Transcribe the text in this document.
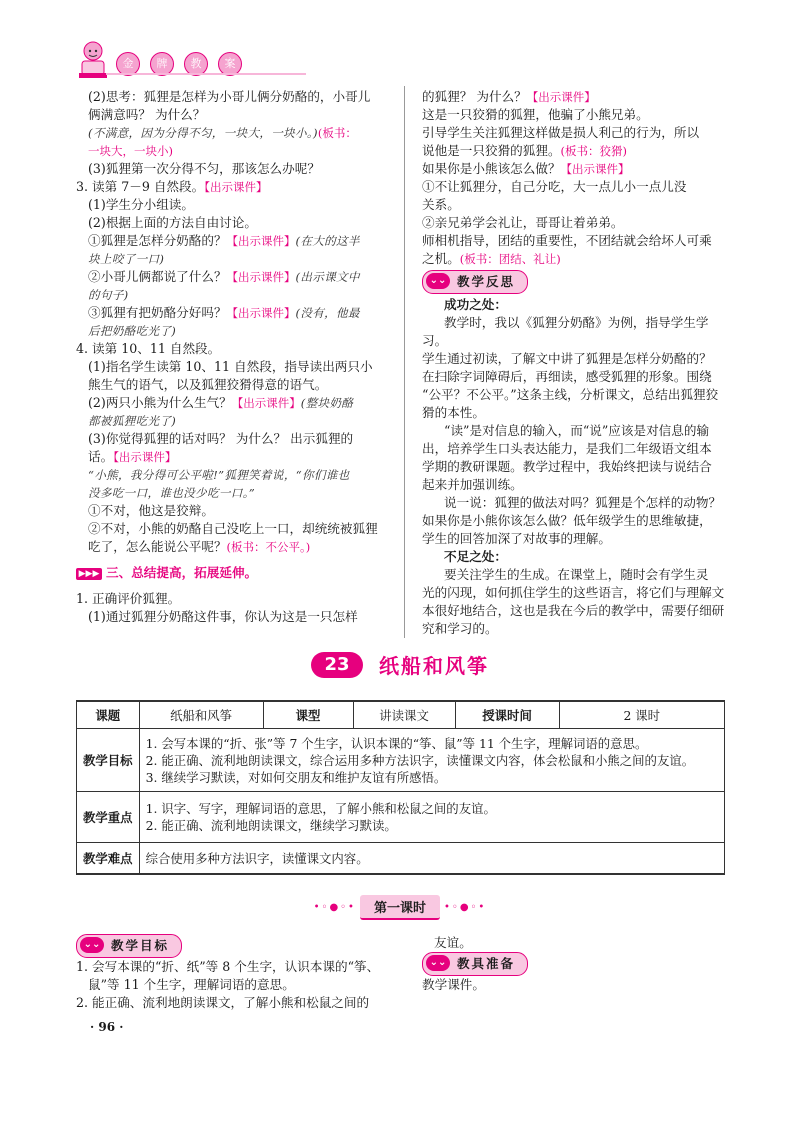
金	牌	教	案

(2)思考：狐狸是怎样为小哥儿俩分奶酪的，小哥儿

俩满意吗？ 为什么？

(不满意，因为分得不匀，一块大，一块小。)(板书：

一块大，一块小)

(3)狐狸第一次分得不匀，那该怎么办呢？

3. 读第 7－9 自然段。【出示课件】

(1)学生分小组读。

(2)根据上面的方法自由讨论。

①狐狸是怎样分奶酪的？【出示课件】(在大的这半

块上咬了一口)

②小哥儿俩都说了什么？【出示课件】(出示课文中

的句子)

③狐狸有把奶酪分好吗？【出示课件】(没有，他最

后把奶酪吃光了)

4. 读第 10、11 自然段。

(1)指名学生读第 10、11 自然段，指导读出两只小

熊生气的语气，以及狐狸狡猾得意的语气。

(2)两只小熊为什么生气？【出示课件】(整块奶酪

都被狐狸吃光了)

(3)你觉得狐狸的话对吗？ 为什么？ 出示狐狸的

话。【出示课件】

“小熊，我分得可公平啦!”狐狸笑着说，“你们谁也

没多吃一口，谁也没少吃一口。”

①不对，他这是狡辩。

②不对，小熊的奶酪自己没吃上一口，却统统被狐狸

吃了，怎么能说公平呢？(板书：不公平。)

▶▶▶ 三、总结提高，拓展延伸。

1. 正确评价狐狸。

(1)通过狐狸分奶酪这件事，你认为这是一只怎样

的狐狸？ 为什么？【出示课件】

这是一只狡猾的狐狸，他骗了小熊兄弟。

引导学生关注狐狸这样做是损人利己的行为，所以

说他是一只狡猾的狐狸。(板书：狡猾)

如果你是小熊该怎么做？【出示课件】

①不让狐狸分，自己分吃，大一点儿小一点儿没

关系。

②亲兄弟学会礼让，哥哥让着弟弟。

师相机指导，团结的重要性，不团结就会给坏人可乘

之机。(板书：团结、礼让)

⌄⌄ 教学反思

成功之处：

教学时，我以《狐狸分奶酪》为例，指导学生学习。

学生通过初读，了解文中讲了狐狸是怎样分奶酪的？

在扫除字词障碍后，再细读，感受狐狸的形象。围绕

“公平？不公平。”这条主线，分析课文，总结出狐狸狡

猾的本性。

“读”是对信息的输入，而“说”应该是对信息的输

出，培养学生口头表达能力，是我们二年级语文组本

学期的教研课题。教学过程中，我始终把读与说结合

起来并加强训练。

说一说：狐狸的做法对吗？狐狸是个怎样的动物？

如果你是小熊你该怎么做？低年级学生的思维敏捷，

学生的回答加深了对故事的理解。

不足之处：

要关注学生的生成。在课堂上，随时会有学生灵

光的闪现，如何抓住学生的这些语言，将它们与理解文

本很好地结合，这也是我在今后的教学中，需要仔细研

究和学习的。

23 纸船和风筝
课题	纸船和风筝	课型	讲读课文	授课时间	2 课时
教学目标	1. 会写本课的“折、张”等 7 个生字，认识本课的“筝、鼠”等 11 个生字，理解词语的意思。
2. 能正确、流利地朗读课文，综合运用多种方法识字，读懂课文内容，体会松鼠和小熊之间的友谊。
3. 继续学习默读，对如何交朋友和维护友谊有所感悟。				

教学重点	1. 识字、写字，理解词语的意思，了解小熊和松鼠之间的友谊。
2. 能正确、流利地朗读课文，继续学习默读。				

教学难点	综合使用多种方法识字，读懂课文内容。				
•◦●◦• 第一课时 •◦●◦•

⌄⌄ 教学目标

1. 会写本课的“折、纸”等 8 个生字，认识本课的“筝、

鼠”等 11 个生字，理解词语的意思。

2. 能正确、流利地朗读课文，了解小熊和松鼠之间的

友谊。

⌄⌄ 教具准备

教学课件。

· 96 ·
